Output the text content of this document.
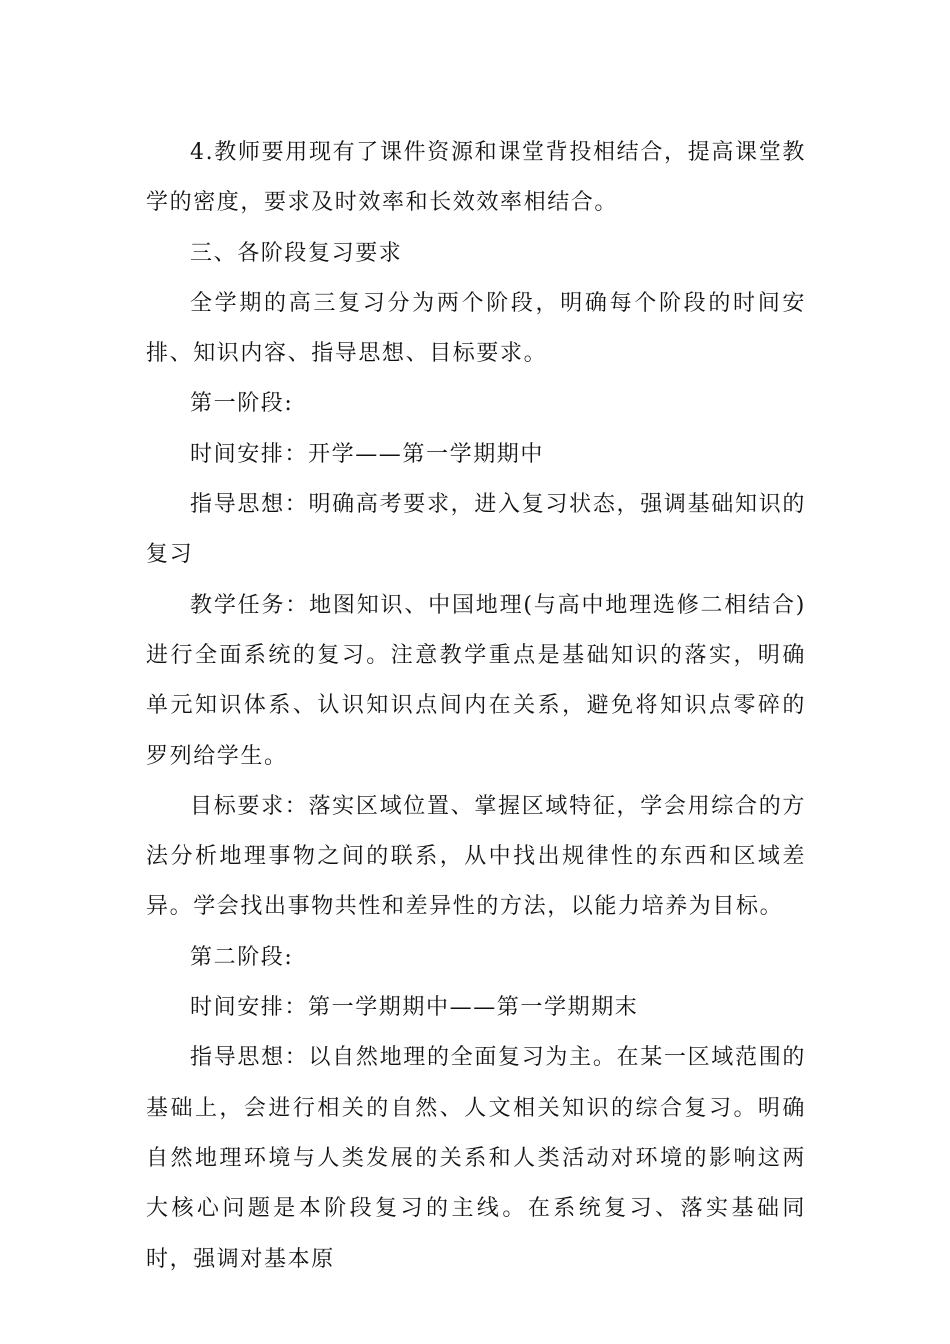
4.教师要用现有了课件资源和课堂背投相结合，提高课堂教学的密度，要求及时效率和长效效率相结合。

三、各阶段复习要求

全学期的高三复习分为两个阶段，明确每个阶段的时间安排、知识内容、指导思想、目标要求。

第一阶段:

时间安排：开学——第一学期期中

指导思想：明确高考要求，进入复习状态，强调基础知识的复习

教学任务：地图知识、中国地理(与高中地理选修二相结合)进行全面系统的复习。注意教学重点是基础知识的落实，明确单元知识体系、认识知识点间内在关系，避免将知识点零碎的罗列给学生。

目标要求：落实区域位置、掌握区域特征，学会用综合的方法分析地理事物之间的联系，从中找出规律性的东西和区域差异。学会找出事物共性和差异性的方法，以能力培养为目标。

第二阶段:

时间安排：第一学期期中——第一学期期末

指导思想：以自然地理的全面复习为主。在某一区域范围的基础上，会进行相关的自然、人文相关知识的综合复习。明确自然地理环境与人类发展的关系和人类活动对环境的影响这两大核心问题是本阶段复习的主线。在系统复习、落实基础同时，强调对基本原
